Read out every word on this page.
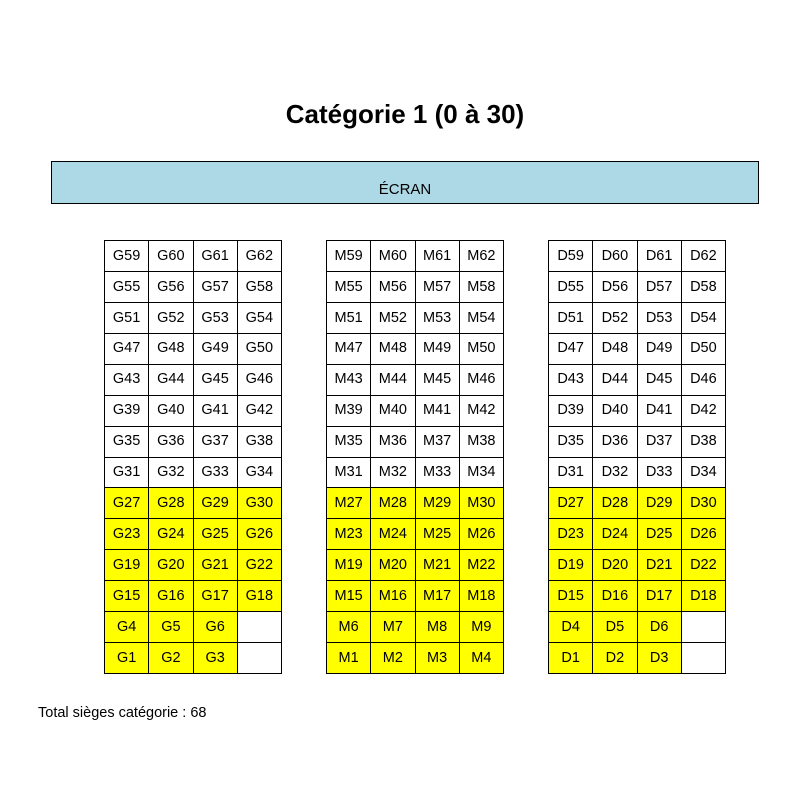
Catégorie 1 (0 à 30)
ÉCRAN
G59	G60	G61	G62
G55	G56	G57	G58
G51	G52	G53	G54
G47	G48	G49	G50
G43	G44	G45	G46
G39	G40	G41	G42
G35	G36	G37	G38
G31	G32	G33	G34
G27	G28	G29	G30
G23	G24	G25	G26
G19	G20	G21	G22
G15	G16	G17	G18
G4	G5	G6
G1	G2	G3
M59	M60	M61	M62
M55	M56	M57	M58
M51	M52	M53	M54
M47	M48	M49	M50
M43	M44	M45	M46
M39	M40	M41	M42
M35	M36	M37	M38
M31	M32	M33	M34
M27	M28	M29	M30
M23	M24	M25	M26
M19	M20	M21	M22
M15	M16	M17	M18
M6	M7	M8	M9
M1	M2	M3	M4
D59	D60	D61	D62
D55	D56	D57	D58
D51	D52	D53	D54
D47	D48	D49	D50
D43	D44	D45	D46
D39	D40	D41	D42
D35	D36	D37	D38
D31	D32	D33	D34
D27	D28	D29	D30
D23	D24	D25	D26
D19	D20	D21	D22
D15	D16	D17	D18
D4	D5	D6
D1	D2	D3
Total sièges catégorie : 68
